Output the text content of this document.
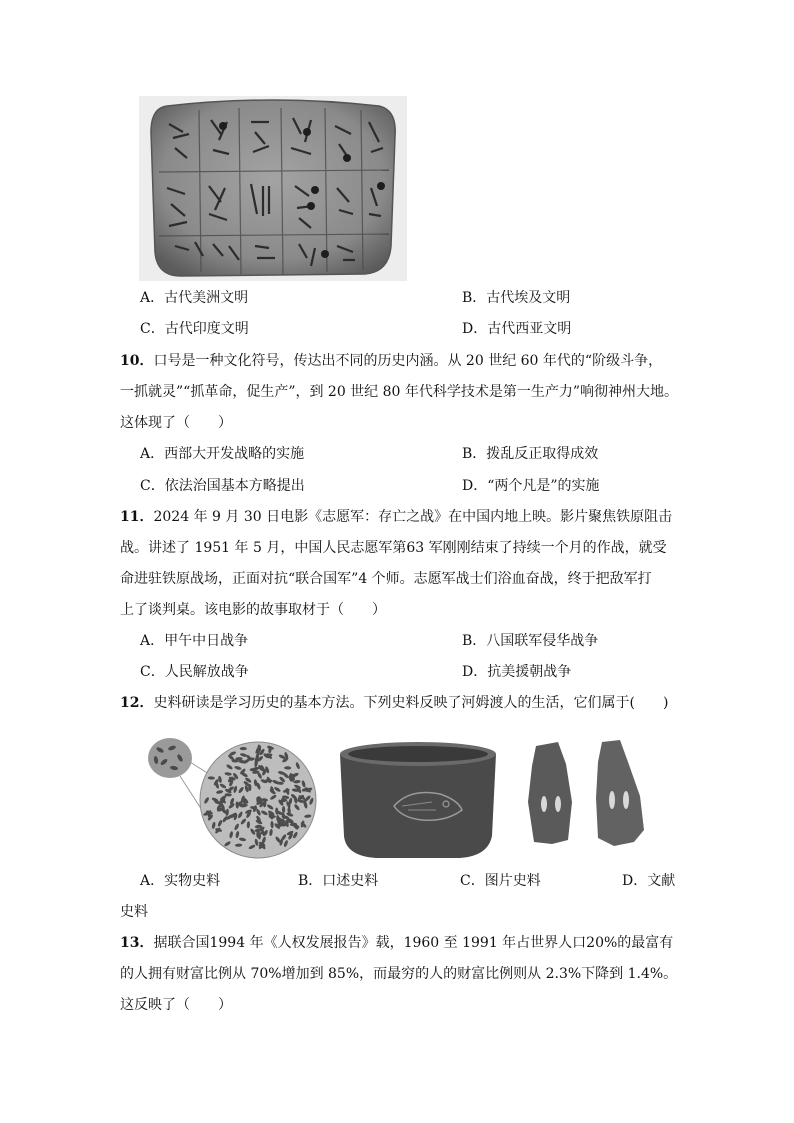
A．古代美洲文明	B．古代埃及文明
C．古代印度文明	D．古代西亚文明
10．口号是一种文化符号，传达出不同的历史内涵。从 20 世纪 60 年代的“阶级斗争，
一抓就灵”“抓革命，促生产”，到 20 世纪 80 年代科学技术是第一生产力”响彻神州大地。
这体现了（　　）
A．西部大开发战略的实施	B．拨乱反正取得成效
C．依法治国基本方略提出	D．“两个凡是”的实施
11．2024 年 9 月 30 日电影《志愿军：存亡之战》在中国内地上映。影片聚焦铁原阻击
战。讲述了 1951 年 5 月，中国人民志愿军第63 军刚刚结束了持续一个月的作战，就受
命进驻铁原战场，正面对抗“联合国军”4 个师。志愿军战士们浴血奋战，终于把敌军打
上了谈判桌。该电影的故事取材于（　　）
A．甲午中日战争	B．八国联军侵华战争
C．人民解放战争	D．抗美援朝战争
12．史料研读是学习历史的基本方法。下列史料反映了河姆渡人的生活，它们属于(　　)
A．实物史料	B．口述史料	C．图片史料	D．文献
史料
13．据联合国1994 年《人权发展报告》载，1960 至 1991 年占世界人口20%的最富有
的人拥有财富比例从 70%增加到 85%，而最穷的人的财富比例则从 2.3%下降到 1.4%。
这反映了（　　）
